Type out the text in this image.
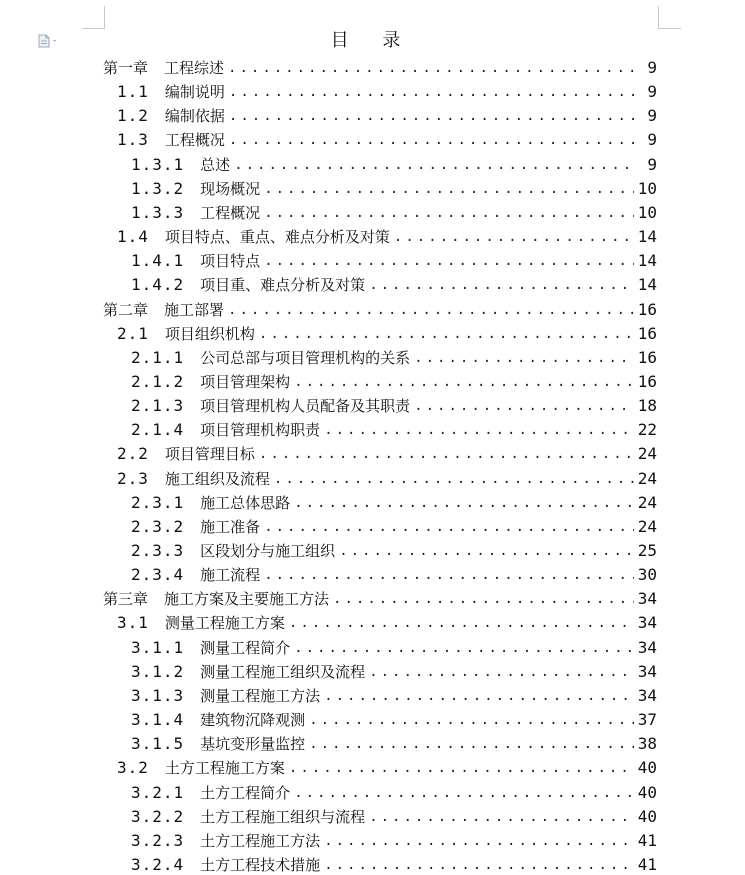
目 录
第一章 工程综述 .....	9
1.1 编制说明 .....	9
1.2 编制依据 .....	9
1.3 工程概况 .....	9
1.3.1 总述 .....	9
1.3.2 现场概况 .....	10
1.3.3 工程概况 .....	10
1.4 项目特点、重点、难点分析及对策 .....	14
1.4.1 项目特点 .....	14
1.4.2 项目重、难点分析及对策 .....	14
第二章 施工部署 .....	16
2.1 项目组织机构 .....	16
2.1.1 公司总部与项目管理机构的关系 .....	16
2.1.2 项目管理架构 .....	16
2.1.3 项目管理机构人员配备及其职责 .....	18
2.1.4 项目管理机构职责 .....	22
2.2 项目管理目标 .....	24
2.3 施工组织及流程 .....	24
2.3.1 施工总体思路 .....	24
2.3.2 施工准备 .....	24
2.3.3 区段划分与施工组织 .....	25
2.3.4 施工流程 .....	30
第三章 施工方案及主要施工方法 .....	34
3.1 测量工程施工方案 .....	34
3.1.1 测量工程简介 .....	34
3.1.2 测量工程施工组织及流程 .....	34
3.1.3 测量工程施工方法 .....	34
3.1.4 建筑物沉降观测 .....	37
3.1.5 基坑变形量监控 .....	38
3.2 土方工程施工方案 .....	40
3.2.1 土方工程简介 .....	40
3.2.2 土方工程施工组织与流程 .....	40
3.2.3 土方工程施工方法 .....	41
3.2.4 土方工程技术措施 .....	41
